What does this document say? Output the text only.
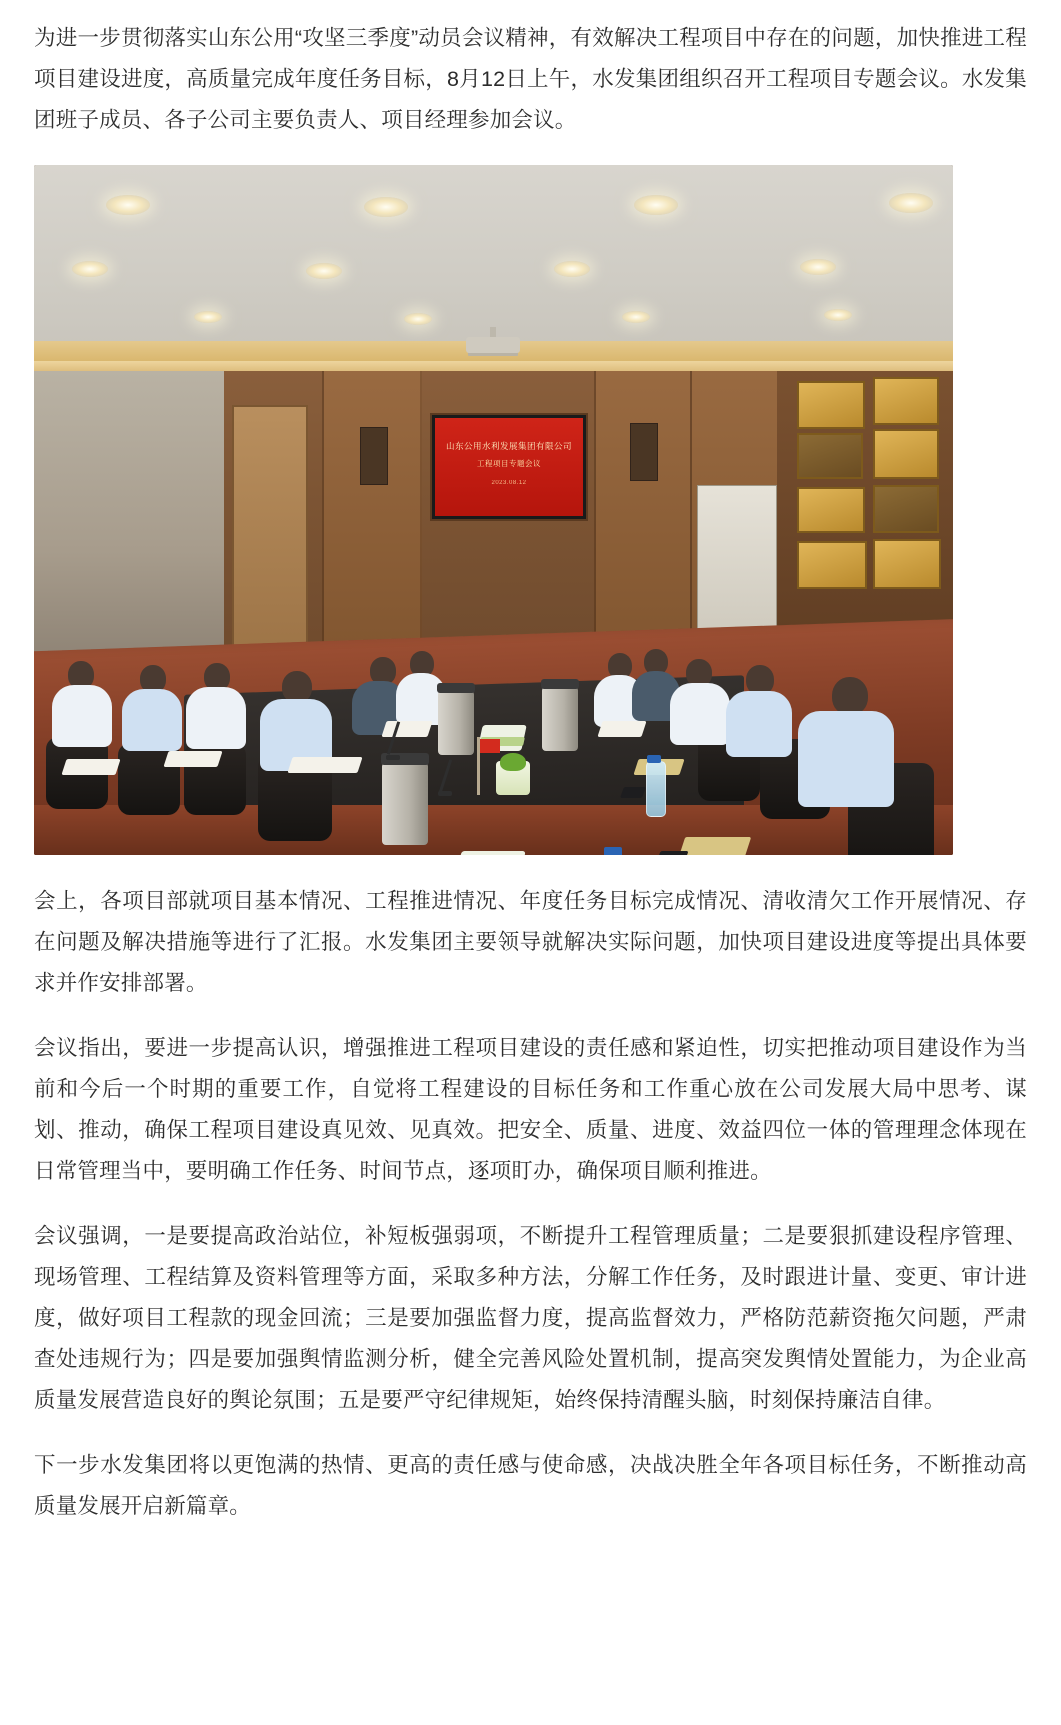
为进一步贯彻落实山东公用“攻坚三季度”动员会议精神，有效解决工程项目中存在的问题，加快推进工程项目建设进度，高质量完成年度任务目标，8月12日上午，水发集团组织召开工程项目专题会议。水发集团班子成员、各子公司主要负责人、项目经理参加会议。

山东公用水利发展集团有限公司
工程项目专题会议
2023.08.12

会上，各项目部就项目基本情况、工程推进情况、年度任务目标完成情况、清收清欠工作开展情况、存在问题及解决措施等进行了汇报。水发集团主要领导就解决实际问题，加快项目建设进度等提出具体要求并作安排部署。

会议指出，要进一步提高认识，增强推进工程项目建设的责任感和紧迫性，切实把推动项目建设作为当前和今后一个时期的重要工作，自觉将工程建设的目标任务和工作重心放在公司发展大局中思考、谋划、推动，确保工程项目建设真见效、见真效。把安全、质量、进度、效益四位一体的管理理念体现在日常管理当中，要明确工作任务、时间节点，逐项盯办，确保项目顺利推进。

会议强调，一是要提高政治站位，补短板强弱项，不断提升工程管理质量；二是要狠抓建设程序管理、现场管理、工程结算及资料管理等方面，采取多种方法，分解工作任务，及时跟进计量、变更、审计进度，做好项目工程款的现金回流；三是要加强监督力度，提高监督效力，严格防范薪资拖欠问题，严肃查处违规行为；四是要加强舆情监测分析，健全完善风险处置机制，提高突发舆情处置能力，为企业高质量发展营造良好的舆论氛围；五是要严守纪律规矩，始终保持清醒头脑，时刻保持廉洁自律。

下一步水发集团将以更饱满的热情、更高的责任感与使命感，决战决胜全年各项目标任务，不断推动高质量发展开启新篇章。
